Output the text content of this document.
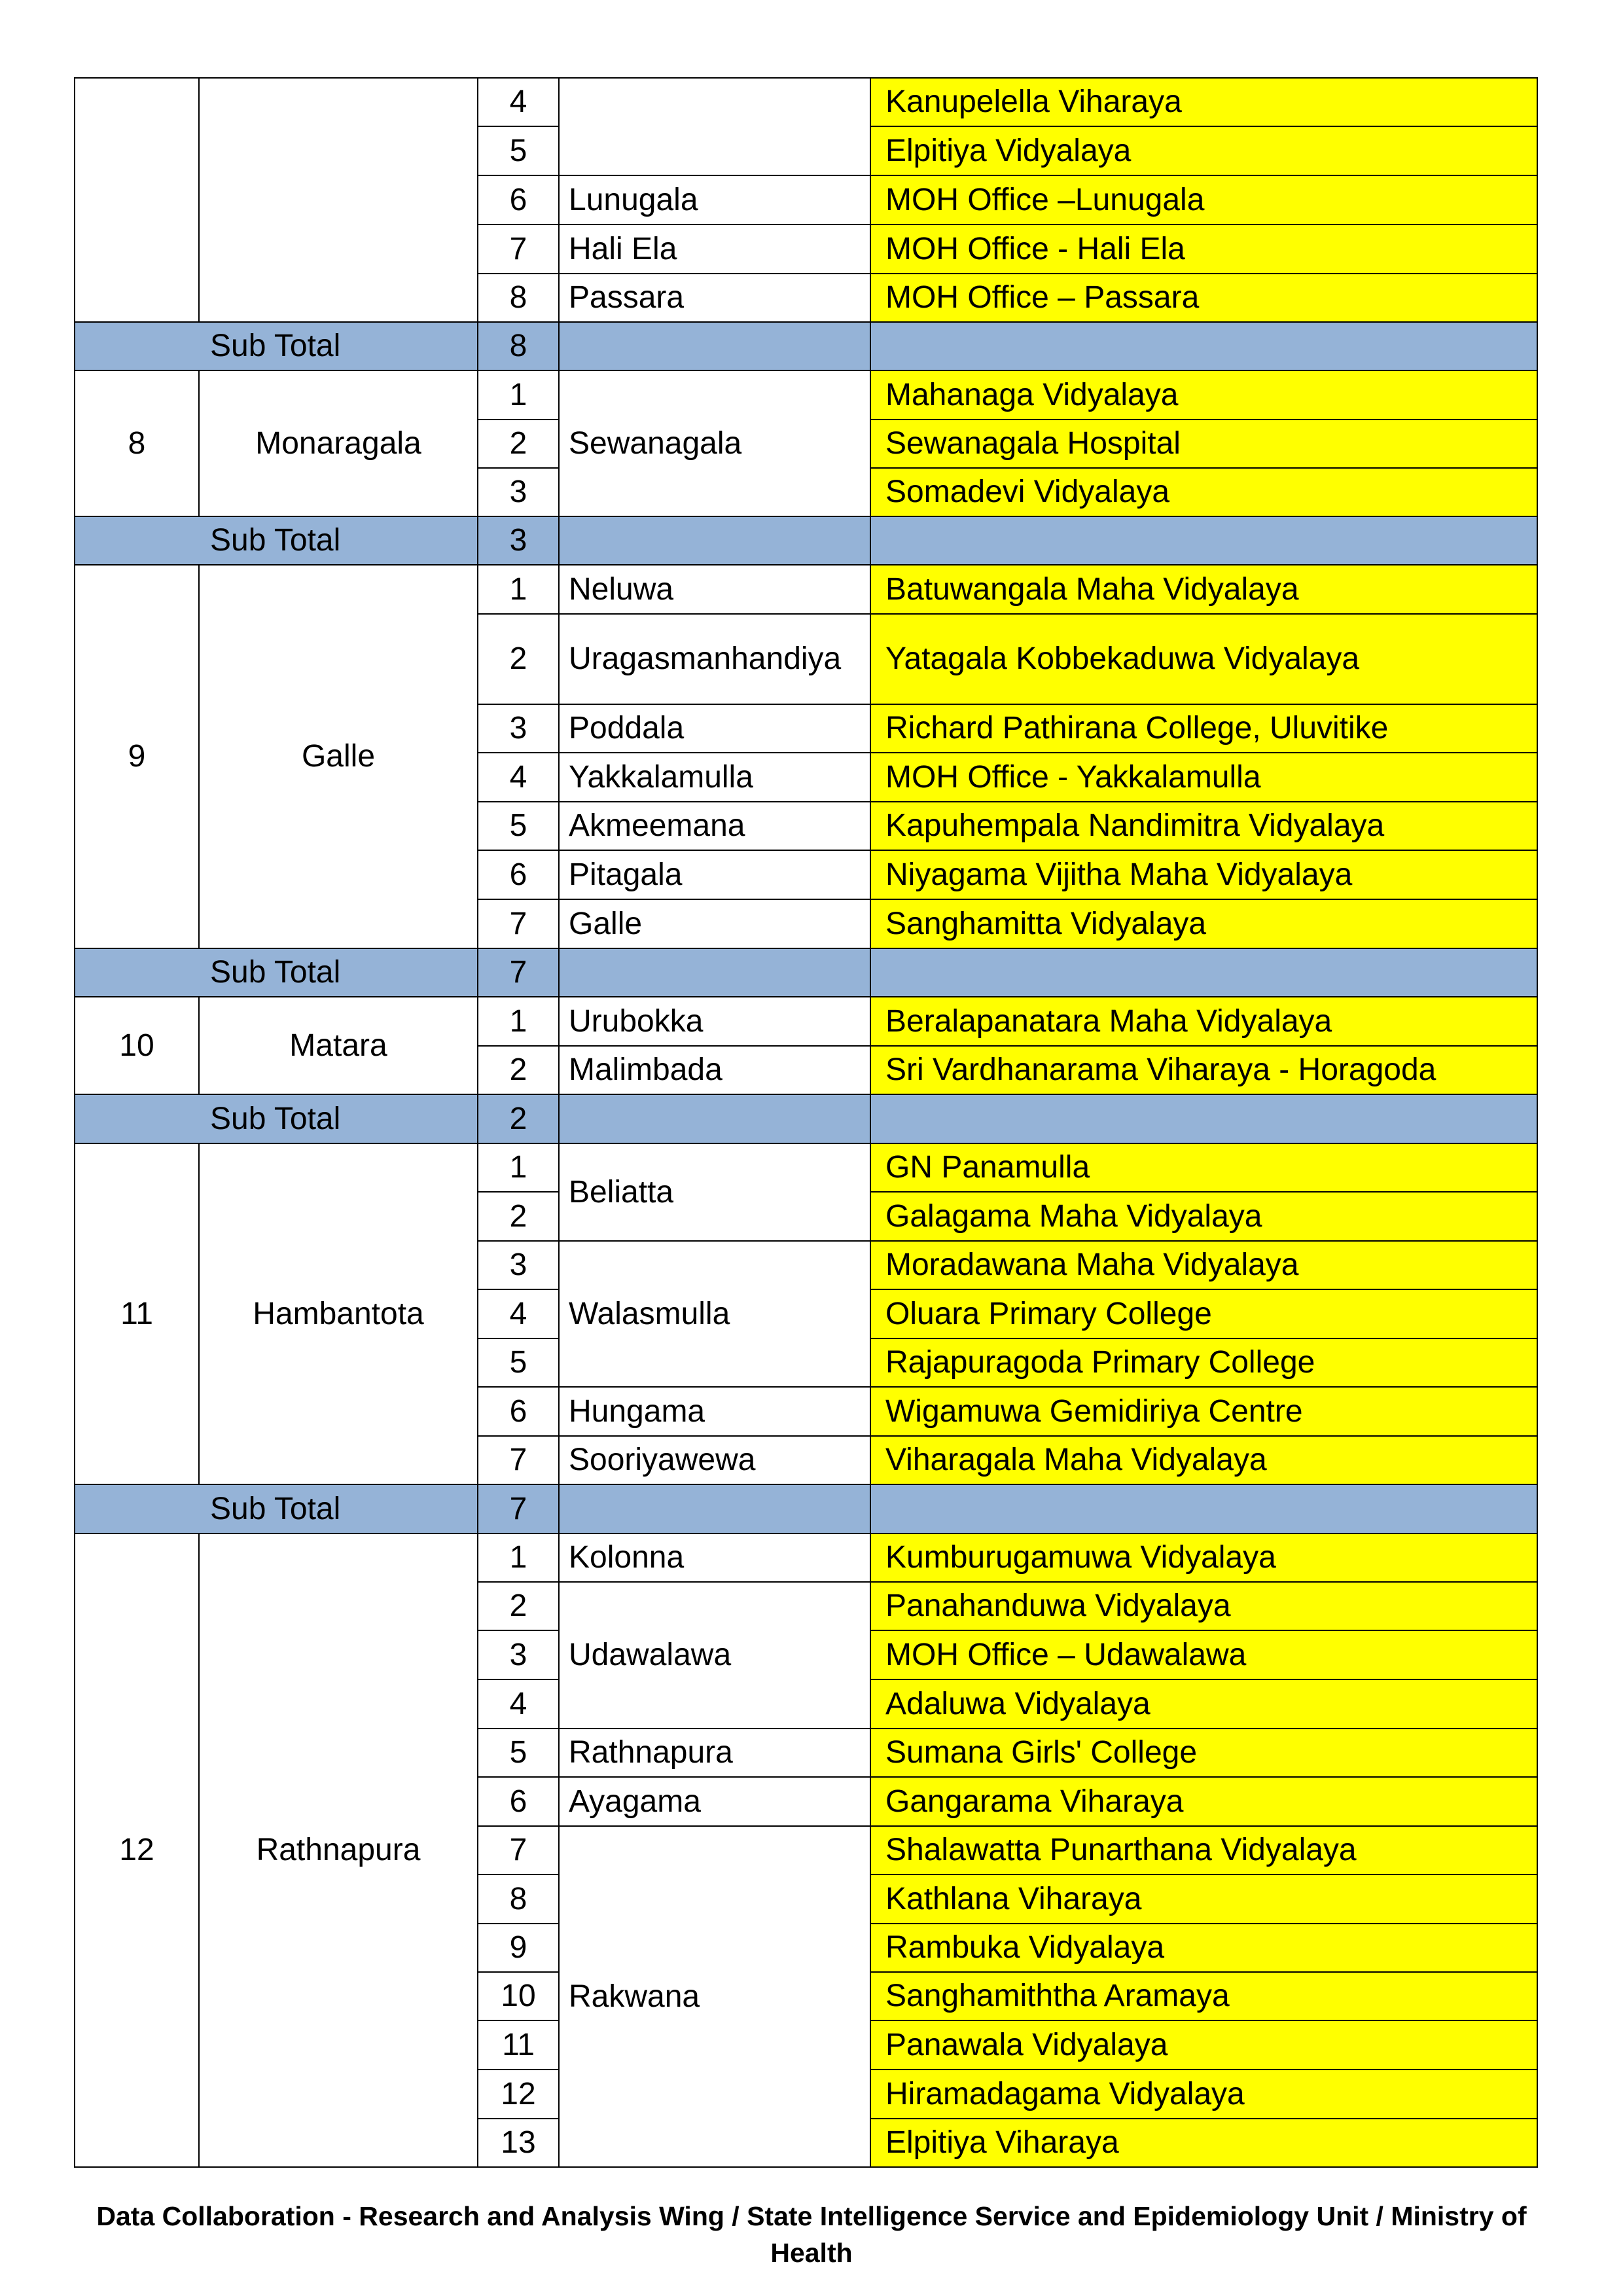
		4		Kanupelella Viharaya
		5		Elpitiya Vidyalaya
		6	Lunugala	MOH Office –Lunugala
		7	Hali Ela	MOH Office - Hali Ela
		8	Passara	MOH Office – Passara
Sub Total		8		
8	Monaragala	1	Sewanagala	Mahanaga Vidyalaya
		2		Sewanagala Hospital
		3		Somadevi Vidyalaya
Sub Total		3		
9	Galle	1	Neluwa	Batuwangala Maha Vidyalaya
		2	Uragasmanhandiya	Yatagala Kobbekaduwa Vidyalaya
		3	Poddala	Richard Pathirana College, Uluvitike
		4	Yakkalamulla	MOH Office - Yakkalamulla
		5	Akmeemana	Kapuhempala Nandimitra Vidyalaya
		6	Pitagala	Niyagama Vijitha Maha Vidyalaya
		7	Galle	Sanghamitta Vidyalaya
Sub Total		7		
10	Matara	1	Urubokka	Beralapanatara Maha Vidyalaya
		2	Malimbada	Sri Vardhanarama Viharaya - Horagoda
Sub Total		2		
11	Hambantota	1	Beliatta	GN Panamulla
		2		Galagama Maha Vidyalaya
		3	Walasmulla	Moradawana Maha Vidyalaya
		4		Oluara Primary College
		5		Rajapuragoda Primary College
		6	Hungama	Wigamuwa Gemidiriya Centre
		7	Sooriyawewa	Viharagala Maha Vidyalaya
Sub Total		7		
12	Rathnapura	1	Kolonna	Kumburugamuwa Vidyalaya
		2	Udawalawa	Panahanduwa Vidyalaya
		3		MOH Office – Udawalawa
		4		Adaluwa Vidyalaya
		5	Rathnapura	Sumana Girls' College
		6	Ayagama	Gangarama Viharaya
		7	Rakwana	Shalawatta Punarthana Vidyalaya
		8		Kathlana Viharaya
		9		Rambuka Vidyalaya
		10		Sanghamiththa Aramaya
		11		Panawala Vidyalaya
		12		Hiramadagama Vidyalaya
		13		Elpitiya Viharaya
Data Collaboration - Research and Analysis Wing / State Intelligence Service and Epidemiology Unit / Ministry of
Health
